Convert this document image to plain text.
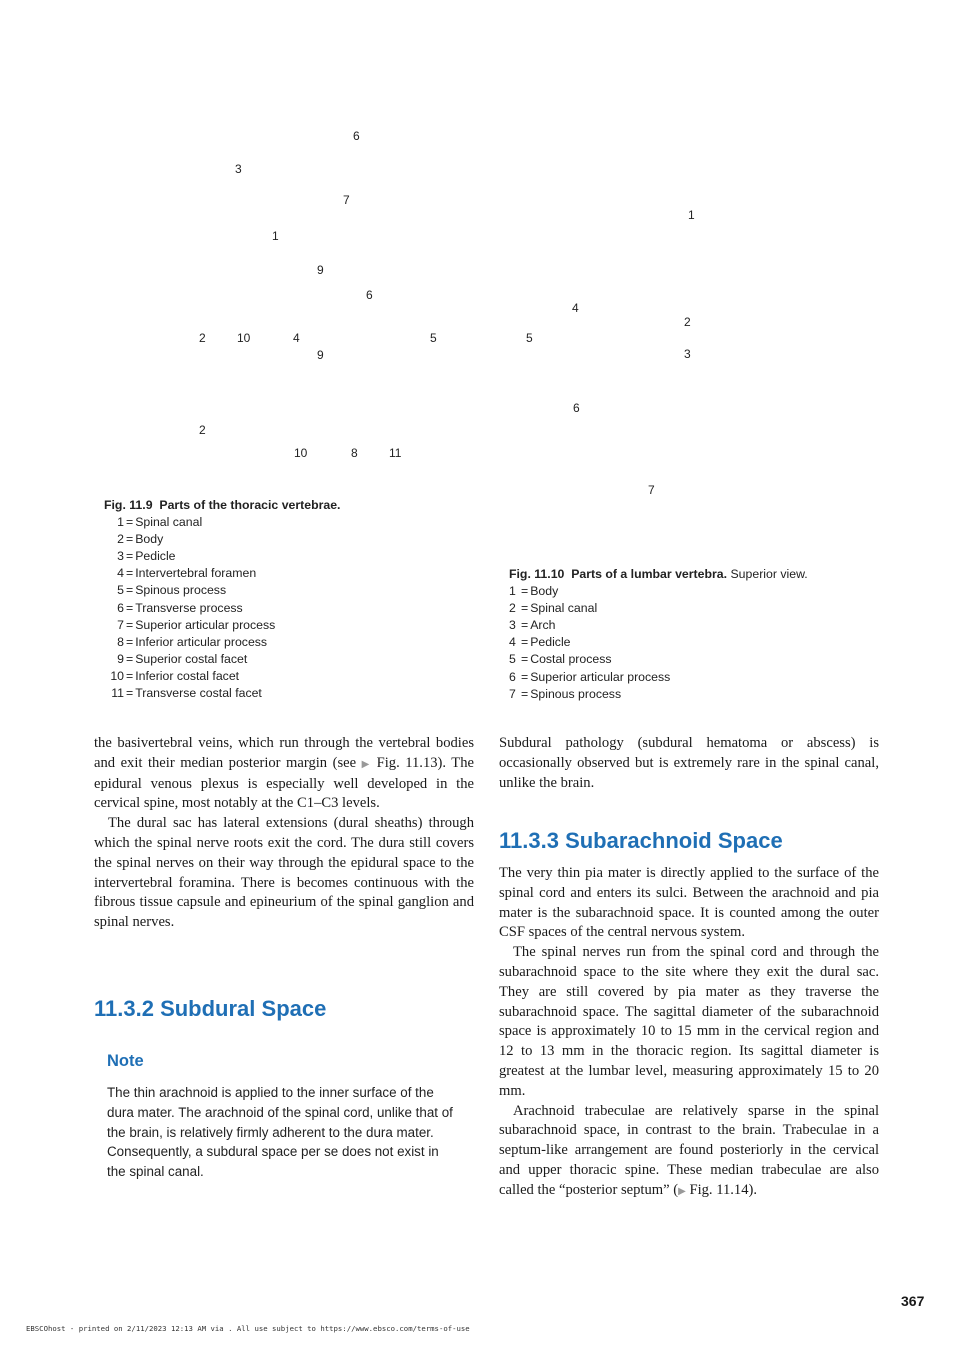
6
3
7
1
9
6
2	10	4
9
5
2
10	8	11
1
4
2
5
3
6
7
Fig. 11.9 Parts of the thoracic vertebrae.
1 = Spinal canal
2 = Body
3 = Pedicle
4 = Intervertebral foramen
5 = Spinous process
6 = Transverse process
7 = Superior articular process
8 = Inferior articular process
9 = Superior costal facet
10 = Inferior costal facet
11 = Transverse costal facet
Fig. 11.10 Parts of a lumbar vertebra. Superior view.
1 = Body
2 = Spinal canal
3 = Arch
4 = Pedicle
5 = Costal process
6 = Superior articular process
7 = Spinous process

the basivertebral veins, which run through the vertebral bodies and exit their median posterior margin (see ▶ Fig. 11.13). The epidural venous plexus is especially well developed in the cervical spine, most notably at the C1–C3 levels.

The dural sac has lateral extensions (dural sheaths) through which the spinal nerve roots exit the cord. The dura still covers the spinal nerves on their way through the epidural space to the intervertebral foramina. There is becomes continuous with the fibrous tissue capsule and epineurium of the spinal ganglion and spinal nerves.

11.3.2 Subdural Space
Note
The thin arachnoid is applied to the inner surface of the dura mater. The arachnoid of the spinal cord, unlike that of the brain, is relatively firmly adherent to the dura mater. Consequently, a subdural space per se does not exist in the spinal canal.

Subdural pathology (subdural hematoma or abscess) is occasionally observed but is extremely rare in the spinal canal, unlike the brain.

11.3.3 Subarachnoid Space

The very thin pia mater is directly applied to the surface of the spinal cord and enters its sulci. Between the arachnoid and pia mater is the subarachnoid space. It is counted among the outer CSF spaces of the central nervous system.

The spinal nerves run from the spinal cord and through the subarachnoid space to the site where they exit the dural sac. They are still covered by pia mater as they traverse the subarachnoid space. The sagittal diameter of the subarachnoid space is approximately 10 to 15 mm in the cervical region and 12 to 13 mm in the thoracic region. Its sagittal diameter is greatest at the lumbar level, measuring approximately 15 to 20 mm.

Arachnoid trabeculae are relatively sparse in the spinal subarachnoid space, in contrast to the brain. Trabeculae in a septum-like arrangement are found posteriorly in the cervical and upper thoracic spine. These median trabeculae are also called the “posterior septum” (▶ Fig. 11.14).

367
EBSCOhost - printed on 2/11/2023 12:13 AM via . All use subject to https://www.ebsco.com/terms-of-use
